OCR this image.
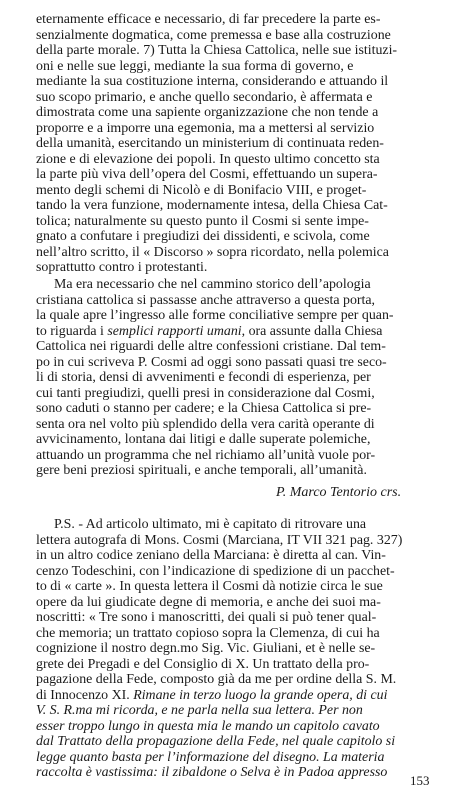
eternamente efficace e necessario, di far precedere la parte es-
senzialmente dogmatica, come premessa e base alla costruzione
della parte morale. 7) Tutta la Chiesa Cattolica, nelle sue istituzi-
oni e nelle sue leggi, mediante la sua forma di governo, e
mediante la sua costituzione interna, considerando e attuando il
suo scopo primario, e anche quello secondario, è affermata e
dimostrata come una sapiente organizzazione che non tende a
proporre e a imporre una egemonia, ma a mettersi al servizio
della umanità, esercitando un ministerium di continuata reden-
zione e di elevazione dei popoli. In questo ultimo concetto sta
la parte più viva dell’opera del Cosmi, effettuando un supera-
mento degli schemi di Nicolò e di Bonifacio VIII, e proget-
tando la vera funzione, modernamente intesa, della Chiesa Cat-
tolica; naturalmente su questo punto il Cosmi si sente impe-
gnato a confutare i pregiudizi dei dissidenti, e scivola, come
nell’altro scritto, il « Discorso » sopra ricordato, nella polemica
soprattutto contro i protestanti.
Ma era necessario che nel cammino storico dell’apologia
cristiana cattolica si passasse anche attraverso a questa porta,
la quale apre l’ingresso alle forme conciliative sempre per quan-
to riguarda i semplici rapporti umani, ora assunte dalla Chiesa
Cattolica nei riguardi delle altre confessioni cristiane. Dal tem-
po in cui scriveva P. Cosmi ad oggi sono passati quasi tre seco-
li di storia, densi di avvenimenti e fecondi di esperienza, per
cui tanti pregiudizi, quelli presi in considerazione dal Cosmi,
sono caduti o stanno per cadere; e la Chiesa Cattolica si pre-
senta ora nel volto più splendido della vera carità operante di
avvicinamento, lontana dai litigi e dalle superate polemiche,
attuando un programma che nel richiamo all’unità vuole por-
gere beni preziosi spirituali, e anche temporali, all’umanità.
P. Marco Tentorio crs.
P.S. - Ad articolo ultimato, mi è capitato di ritrovare una
lettera autografa di Mons. Cosmi (Marciana, IT VII 321 pag. 327)
in un altro codice zeniano della Marciana: è diretta al can. Vin-
cenzo Todeschini, con l’indicazione di spedizione di un pacchet-
to di « carte ». In questa lettera il Cosmi dà notizie circa le sue
opere da lui giudicate degne di memoria, e anche dei suoi ma-
noscritti: « Tre sono i manoscritti, dei quali si può tener qual-
che memoria; un trattato copioso sopra la Clemenza, di cui ha
cognizione il nostro degn.mo Sig. Vic. Giuliani, et è nelle se-
grete dei Pregadi e del Consiglio di X. Un trattato della pro-
pagazione della Fede, composto già da me per ordine della S. M.
di Innocenzo XI. Rimane in terzo luogo la grande opera, di cui
V. S. R.ma mi ricorda, e ne parla nella sua lettera. Per non
esser troppo lungo in questa mia le mando un capitolo cavato
dal Trattato della propagazione della Fede, nel quale capitolo si
legge quanto basta per l’informazione del disegno. La materia
raccolta è vastissima: il zibaldone o Selva è in Padoa appresso
153
